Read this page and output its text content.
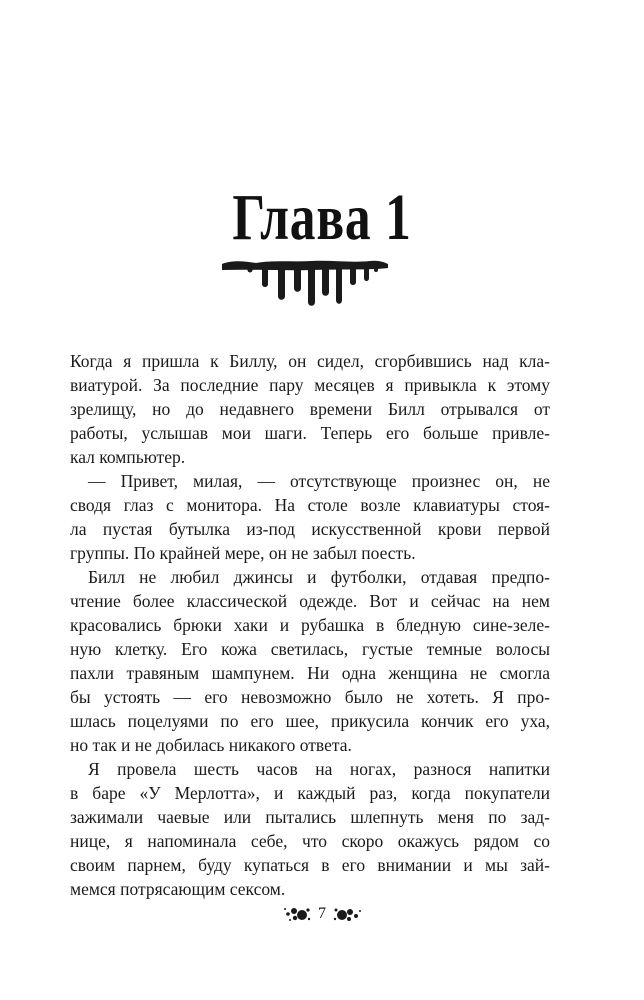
Глава 1
Когда я пришла к Биллу, он сидел, сгорбившись над кла-
виатурой. За последние пару месяцев я привыкла к этому
зрелищу, но до недавнего времени Билл отрывался от
работы, услышав мои шаги. Теперь его больше привле-
кал компьютер.
— Привет, милая, — отсутствующе произнес он, не
сводя глаз с монитора. На столе возле клавиатуры стоя-
ла пустая бутылка из-под искусственной крови первой
группы. По крайней мере, он не забыл поесть.
Билл не любил джинсы и футболки, отдавая предпо-
чтение более классической одежде. Вот и сейчас на нем
красовались брюки хаки и рубашка в бледную сине-зеле-
ную клетку. Его кожа светилась, густые темные волосы
пахли травяным шампунем. Ни одна женщина не смогла
бы устоять — его невозможно было не хотеть. Я про-
шлась поцелуями по его шее, прикусила кончик его уха,
но так и не добилась никакого ответа.
Я провела шесть часов на ногах, разнося напитки
в баре «У Мерлотта», и каждый раз, когда покупатели
зажимали чаевые или пытались шлепнуть меня по зад-
нице, я напоминала себе, что скоро окажусь рядом со
своим парнем, буду купаться в его внимании и мы зай-
мемся потрясающим сексом.
7
